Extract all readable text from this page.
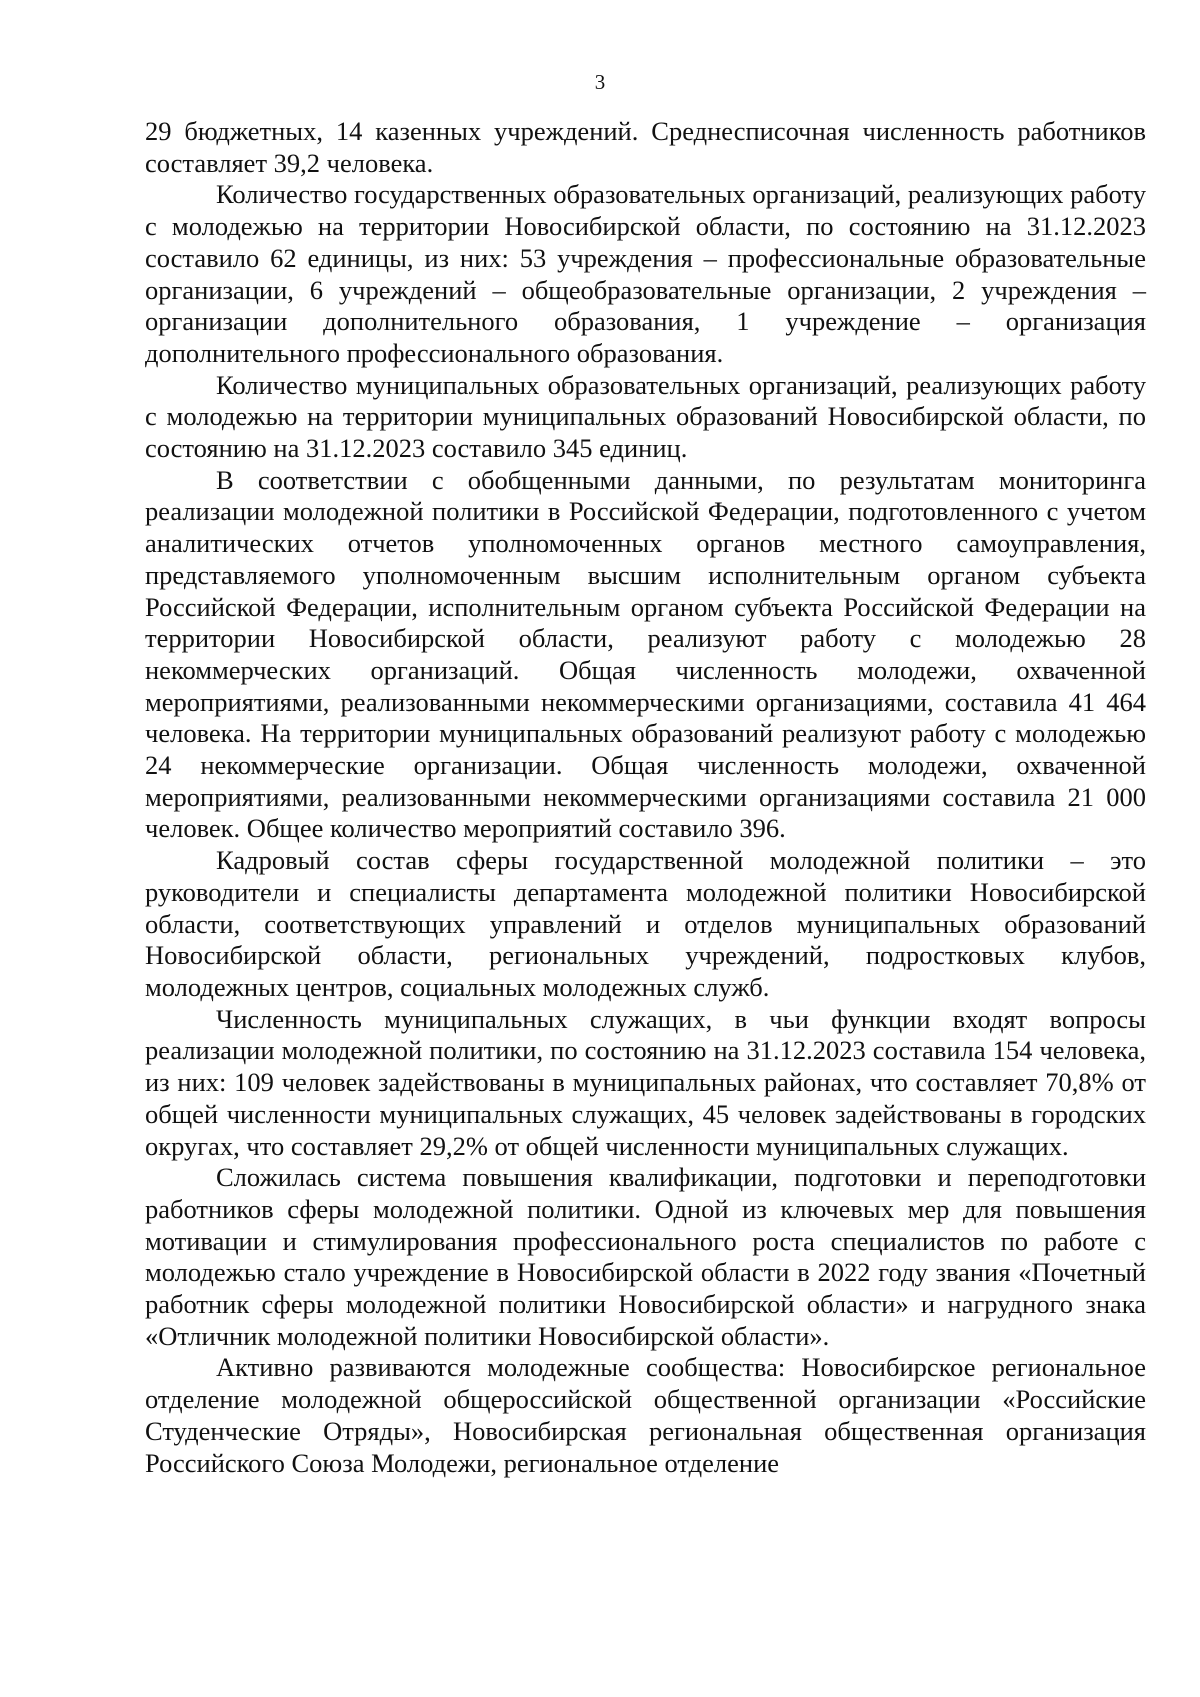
3

29 бюджетных, 14 казенных учреждений. Среднесписочная численность работников составляет 39,2 человека.

Количество государственных образовательных организаций, реализующих работу с молодежью на территории Новосибирской области, по состоянию на 31.12.2023 составило 62 единицы, из них: 53 учреждения – профессиональные образовательные организации, 6 учреждений – общеобразовательные организации, 2 учреждения – организации дополнительного образования, 1 учреждение – организация дополнительного профессионального образования.

Количество муниципальных образовательных организаций, реализующих работу с молодежью на территории муниципальных образований Новосибирской области, по состоянию на 31.12.2023 составило 345 единиц.

В соответствии с обобщенными данными, по результатам мониторинга реализации молодежной политики в Российской Федерации, подготовленного с учетом аналитических отчетов уполномоченных органов местного самоуправления, представляемого уполномоченным высшим исполнительным органом субъекта Российской Федерации, исполнительным органом субъекта Российской Федерации на территории Новосибирской области, реализуют работу с молодежью 28 некоммерческих организаций. Общая численность молодежи, охваченной мероприятиями, реализованными некоммерческими организациями, составила 41 464 человека. На территории муниципальных образований реализуют работу с молодежью 24 некоммерческие организации. Общая численность молодежи, охваченной мероприятиями, реализованными некоммерческими организациями составила 21 000 человек. Общее количество мероприятий составило 396.

Кадровый состав сферы государственной молодежной политики – это руководители и специалисты департамента молодежной политики Новосибирской области, соответствующих управлений и отделов муниципальных образований Новосибирской области, региональных учреждений, подростковых клубов, молодежных центров, социальных молодежных служб.

Численность муниципальных служащих, в чьи функции входят вопросы реализации молодежной политики, по состоянию на 31.12.2023 составила 154 человека, из них: 109 человек задействованы в муниципальных районах, что составляет 70,8% от общей численности муниципальных служащих, 45 человек задействованы в городских округах, что составляет 29,2% от общей численности муниципальных служащих.

Сложилась система повышения квалификации, подготовки и переподготовки работников сферы молодежной политики. Одной из ключевых мер для повышения мотивации и стимулирования профессионального роста специалистов по работе с молодежью стало учреждение в Новосибирской области в 2022 году звания «Почетный работник сферы молодежной политики Новосибирской области» и нагрудного знака «Отличник молодежной политики Новосибирской области».

Активно развиваются молодежные сообщества: Новосибирское региональное отделение молодежной общероссийской общественной организации «Российские Студенческие Отряды», Новосибирская региональная общественная организация Российского Союза Молодежи, региональное отделение
